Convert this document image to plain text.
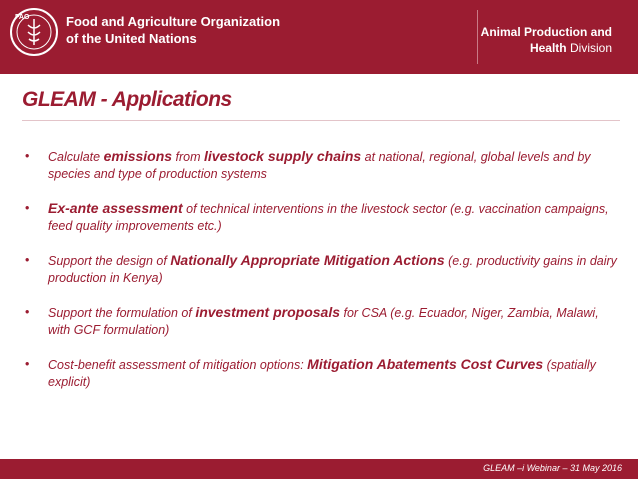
FAO	Food and Agriculture Organization
of the United Nations	Animal Production and
Health Division
GLEAM - Applications
• Calculate emissions from livestock supply chains at national, regional, global levels and by species and type of production systems
• Ex-ante assessment of technical interventions in the livestock sector (e.g. vaccination campaigns, feed quality improvements etc.)
• Support the design of Nationally Appropriate Mitigation Actions (e.g. productivity gains in dairy production in Kenya)
• Support the formulation of investment proposals for CSA (e.g. Ecuador, Niger, Zambia, Malawi, with GCF formulation)
• Cost-benefit assessment of mitigation options: Mitigation Abatements Cost Curves (spatially explicit)
GLEAM –i Webinar – 31 May 2016
